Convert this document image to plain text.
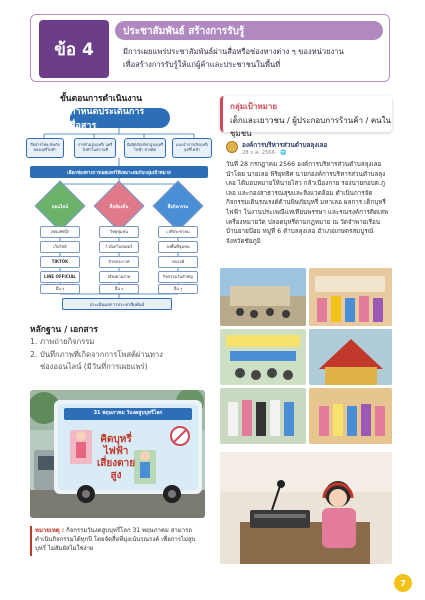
ข้อ 4
ประชาสัมพันธ์ สร้างการรับรู้
มีการเผยแพร่ประชาสัมพันธ์ผ่านสื่อหรือช่องทางต่าง ๆ ของหน่วยงาน
เพื่อสร้างการรับรู้ให้แก่ผู้ค้าและประชาชนในพื้นที่
ขั้นตอนการดำเนินงาน
กำหนดประเด็นการสื่อสาร
สื่อสารโทษ-พิษภัย ของบุหรี่ไฟฟ้า
การห้ามสูบบุหรี่/ บุหรี่ไฟฟ้าในสถานที่
มีผลิตภัณฑ์ยาสูบ/บุหรี่ไฟฟ้า ขายผิด
แนะนำการเลิกบุหรี่/ บุหรี่ไฟฟ้า
เลือกช่องทางการเผยแพร่ให้เหมาะสมกับกลุ่มเป้าหมาย
ออนไลน์	สื่อท้องถิ่น	สื่อกิจกรรม
เพจเฟซบุ๊ก
เว็บไซต์
TIKTOK
LINE OFFICIAL
อื่น ๆ
วิทยุชุมชน
ไวนิล/โปสเตอร์
ป้ายประกาศ
เสียงตามสาย
อื่น ๆ
เวทีประชาคม
ลงพื้นที่ชุมชน
รณรงค์
กิจกรรมวันสำคัญ
อื่น ๆ
ประเมินผลการประชาสัมพันธ์
หลักฐาน / เอกสาร
1. ภาพถ่ายกิจกรรม
2. บันทึกภาพที่เกิดจากการโพสต์ผ่านทาง
ช่องออนไลน์ (มีวันที่การเผยแพร่)
31 พฤษภาคม วันงดสูบบุหรี่โลก
คิดบุหรี่ไฟฟ้าเสี่ยงตายสูง
หมายเหตุ : กิจกรรมวันงดสูบบุหรี่โลก 31 พฤษภาคม สามารถดำเนินกิจกรรมได้ทุกปี โดยจัดสื่อที่มุ่งเน้นรณรงค์ เพื่อการไม่สูบบุหรี่ ไม่สัมผัสไม่ใช่ง่าย
กลุ่มเป้าหมาย
เด็กและเยาวชน / ผู้ประกอบการร้านค้า / คนในชุมชน
องค์การบริหารส่วนตำบลลุงเลอ
28 ก.ค. 2566 · 🌐
วันที่ 28 กรกฎาคม 2566 องค์การบริหารส่วนตำบลลุงเลอ นำโดย นายเลอ พิริยุทธิศ นายกองค์การบริหารส่วนตำบลลุงเลอ ได้มอบหมายให้นายไสว กล้าเนื่องกาย รองนายกอบต.ภูเลอ และกองสาธารณสุขและสิ่งแวดล้อม ดำเนินการจัดกิจกรรมเดินรณรงค์ต้านพิษภัยบุหรี่ มหาเลอ ผลการ เด็กบุหรี่ไฟฟ้า ในงานประเพณีแห่เทียนพรรษา และรณรงค์การติดเสพเครื่องหมายวัด ปลอดบุหรี่ตามกฎหมาย ณ วัดจำพายเรือน บ้านยายป้อม หมู่ที่ 6 ตำบลลุงเลอ อำเภอเกษตรสมบูรณ์ จังหวัดชัยภูมิ
7
